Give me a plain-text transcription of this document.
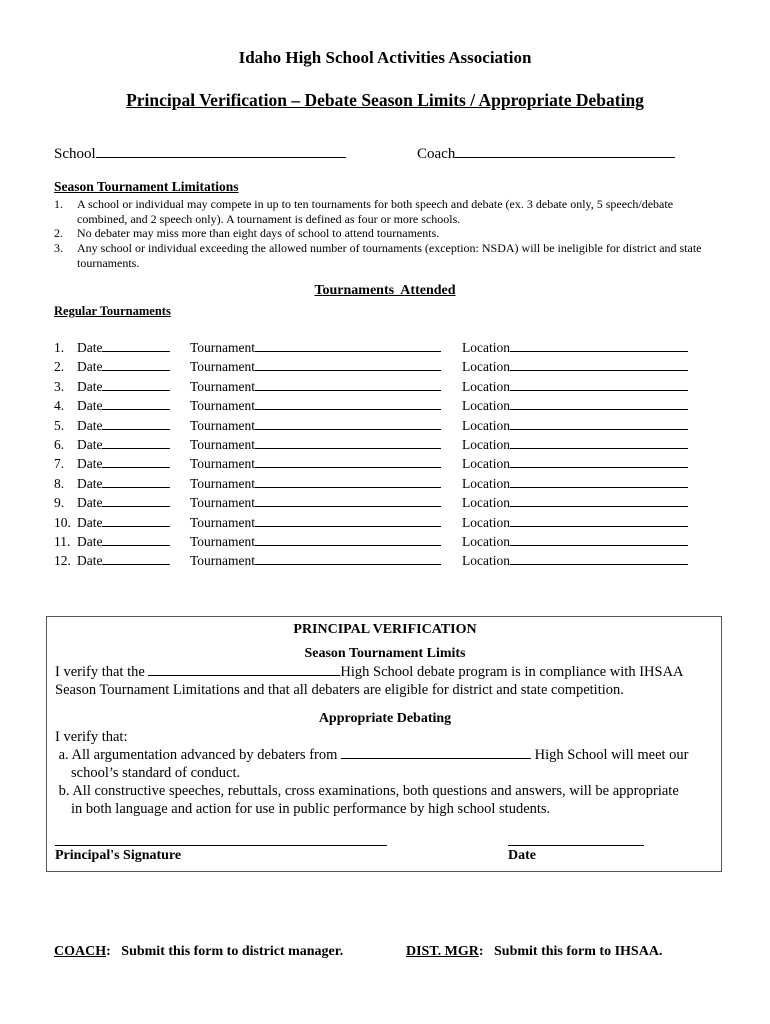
Idaho High School Activities Association
Principal Verification – Debate Season Limits / Appropriate Debating
School	Coach
Season Tournament Limitations
1. A school or individual may compete in up to ten tournaments for both speech and debate (ex. 3 debate only, 5 speech/debate combined, and 2 speech only). A tournament is defined as four or more schools.
2. No debater may miss more than eight days of school to attend tournaments.
3. Any school or individual exceeding the allowed number of tournaments (exception: NSDA) will be ineligible for district and state tournaments.
Tournaments  Attended
Regular Tournaments
1. Date	Tournament	Location
2. Date	Tournament	Location
3. Date	Tournament	Location
4. Date	Tournament	Location
5. Date	Tournament	Location
6. Date	Tournament	Location
7. Date	Tournament	Location
8. Date	Tournament	Location
9. Date	Tournament	Location
10. Date	Tournament	Location
11. Date	Tournament	Location
12. Date	Tournament	Location
PRINCIPAL VERIFICATION
Season Tournament Limits
I verify that the	High School debate program is in compliance with IHSAA
Season Tournament Limitations and that all debaters are eligible for district and state competition.
Appropriate Debating
I verify that:
a. All argumentation advanced by debaters from	High School will meet our
school’s standard of conduct.
b. All constructive speeches, rebuttals, cross examinations, both questions and answers, will be appropriate
in both language and action for use in public performance by high school students.
Principal's Signature	Date
COACH:   Submit this form to district manager.	DIST. MGR:   Submit this form to IHSAA.
